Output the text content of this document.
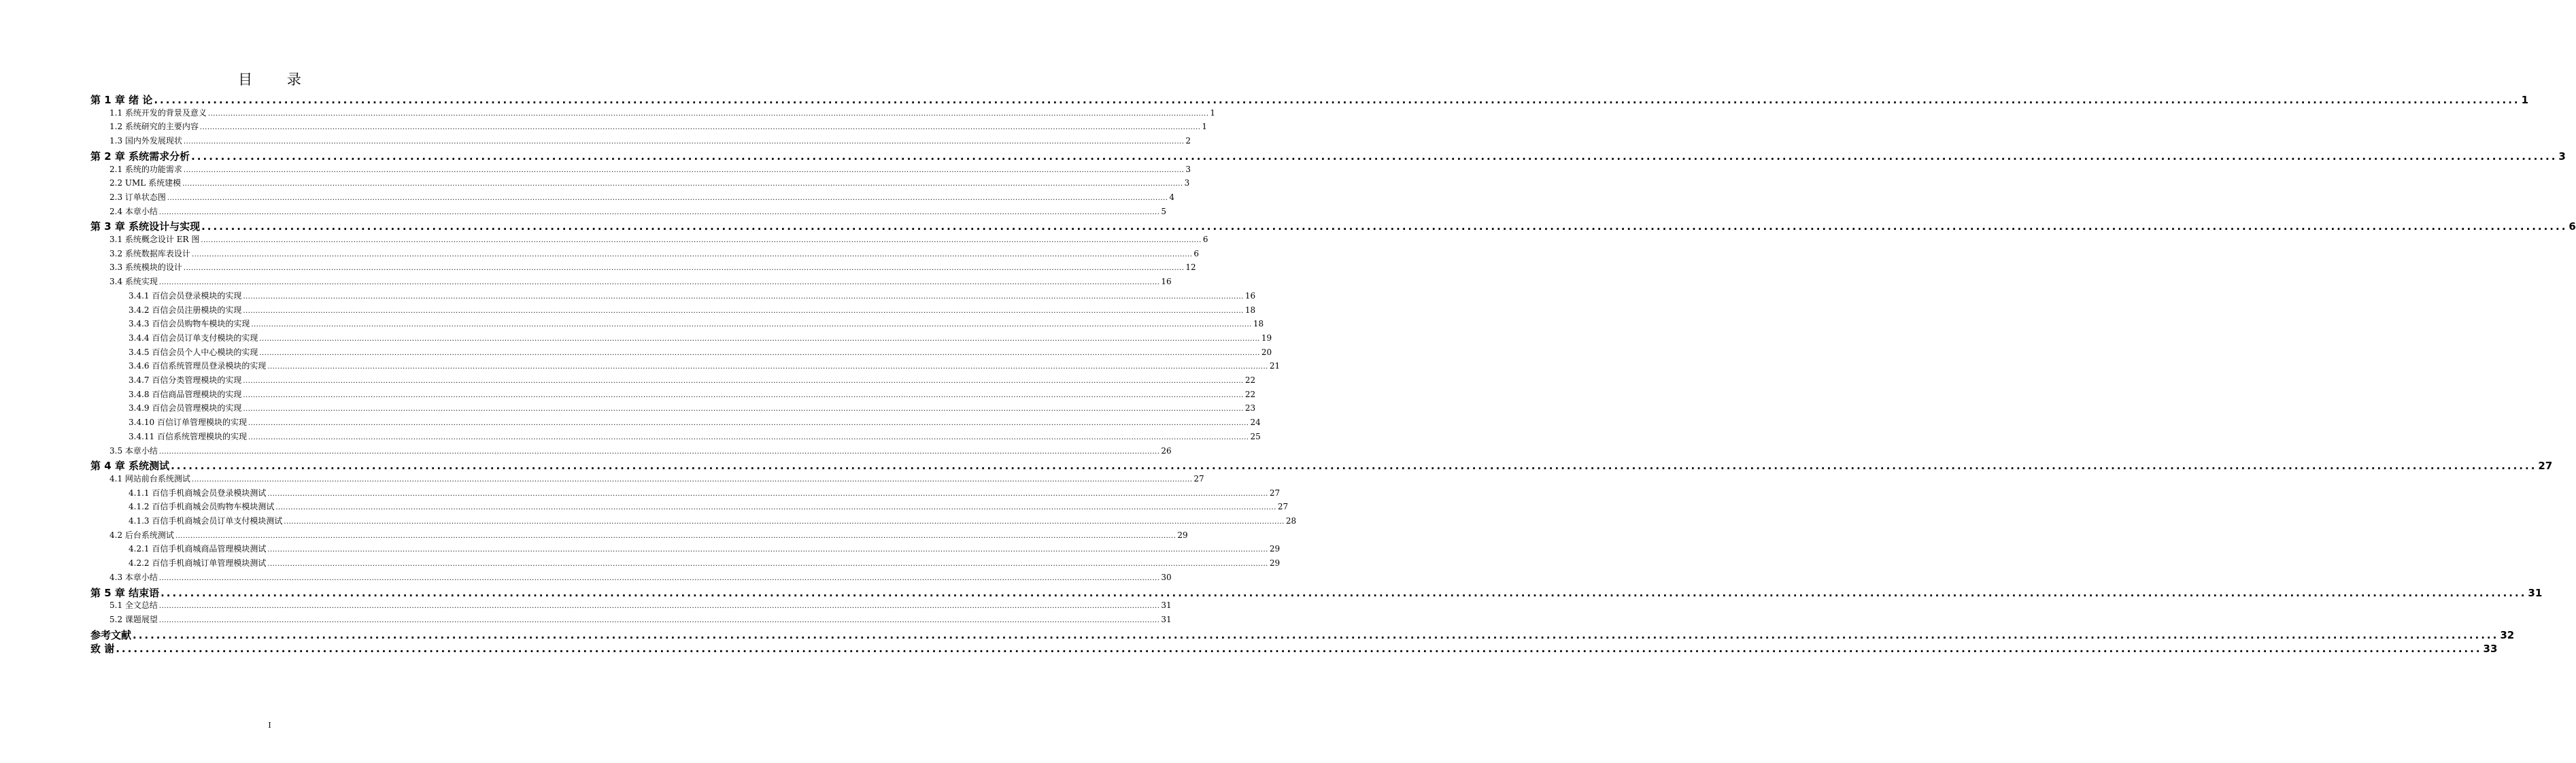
目 录
第 1 章 绪 论 ................................................................................................................................................................................................................................................................................................................................................................................................................ 1
1.1 系统开发的背景及意义 ................................................................................................................................................................................................................................................................................................................................................................................................................ 1
1.2 系统研究的主要内容 ................................................................................................................................................................................................................................................................................................................................................................................................................ 1
1.3 国内外发展现状 ................................................................................................................................................................................................................................................................................................................................................................................................................ 2
第 2 章 系统需求分析 ................................................................................................................................................................................................................................................................................................................................................................................................................ 3
2.1 系统的功能需求 ................................................................................................................................................................................................................................................................................................................................................................................................................ 3
2.2 UML 系统建模 ................................................................................................................................................................................................................................................................................................................................................................................................................ 3
2.3 订单状态图 ................................................................................................................................................................................................................................................................................................................................................................................................................ 4
2.4 本章小结 ................................................................................................................................................................................................................................................................................................................................................................................................................ 5
第 3 章 系统设计与实现 ................................................................................................................................................................................................................................................................................................................................................................................................................ 6
3.1 系统概念设计 ER 图 ................................................................................................................................................................................................................................................................................................................................................................................................................ 6
3.2 系统数据库表设计 ................................................................................................................................................................................................................................................................................................................................................................................................................ 6
3.3 系统模块的设计 ................................................................................................................................................................................................................................................................................................................................................................................................................ 12
3.4 系统实现 ................................................................................................................................................................................................................................................................................................................................................................................................................ 16
3.4.1 百信会员登录模块的实现 ................................................................................................................................................................................................................................................................................................................................................................................................................ 16
3.4.2 百信会员注册模块的实现 ................................................................................................................................................................................................................................................................................................................................................................................................................ 18
3.4.3 百信会员购物车模块的实现 ................................................................................................................................................................................................................................................................................................................................................................................................................ 18
3.4.4 百信会员订单支付模块的实现 ................................................................................................................................................................................................................................................................................................................................................................................................................ 19
3.4.5 百信会员个人中心模块的实现 ................................................................................................................................................................................................................................................................................................................................................................................................................ 20
3.4.6 百信系统管理员登录模块的实现 ................................................................................................................................................................................................................................................................................................................................................................................................................ 21
3.4.7 百信分类管理模块的实现 ................................................................................................................................................................................................................................................................................................................................................................................................................ 22
3.4.8 百信商品管理模块的实现 ................................................................................................................................................................................................................................................................................................................................................................................................................ 22
3.4.9 百信会员管理模块的实现 ................................................................................................................................................................................................................................................................................................................................................................................................................ 23
3.4.10 百信订单管理模块的实现 ................................................................................................................................................................................................................................................................................................................................................................................................................ 24
3.4.11 百信系统管理模块的实现 ................................................................................................................................................................................................................................................................................................................................................................................................................ 25
3.5 本章小结 ................................................................................................................................................................................................................................................................................................................................................................................................................ 26
第 4 章 系统测试 ................................................................................................................................................................................................................................................................................................................................................................................................................ 27
4.1 网站前台系统测试 ................................................................................................................................................................................................................................................................................................................................................................................................................ 27
4.1.1 百信手机商城会员登录模块测试 ................................................................................................................................................................................................................................................................................................................................................................................................................ 27
4.1.2 百信手机商城会员购物车模块测试 ................................................................................................................................................................................................................................................................................................................................................................................................................ 27
4.1.3 百信手机商城会员订单支付模块测试 ................................................................................................................................................................................................................................................................................................................................................................................................................ 28
4.2 后台系统测试 ................................................................................................................................................................................................................................................................................................................................................................................................................ 29
4.2.1 百信手机商城商品管理模块测试 ................................................................................................................................................................................................................................................................................................................................................................................................................ 29
4.2.2 百信手机商城订单管理模块测试 ................................................................................................................................................................................................................................................................................................................................................................................................................ 29
4.3 本章小结 ................................................................................................................................................................................................................................................................................................................................................................................................................ 30
第 5 章 结束语 ................................................................................................................................................................................................................................................................................................................................................................................................................ 31
5.1 全文总结 ................................................................................................................................................................................................................................................................................................................................................................................................................ 31
5.2 课题展望 ................................................................................................................................................................................................................................................................................................................................................................................................................ 31
参考文献 ................................................................................................................................................................................................................................................................................................................................................................................................................ 32
致 谢 ................................................................................................................................................................................................................................................................................................................................................................................................................ 33
I
